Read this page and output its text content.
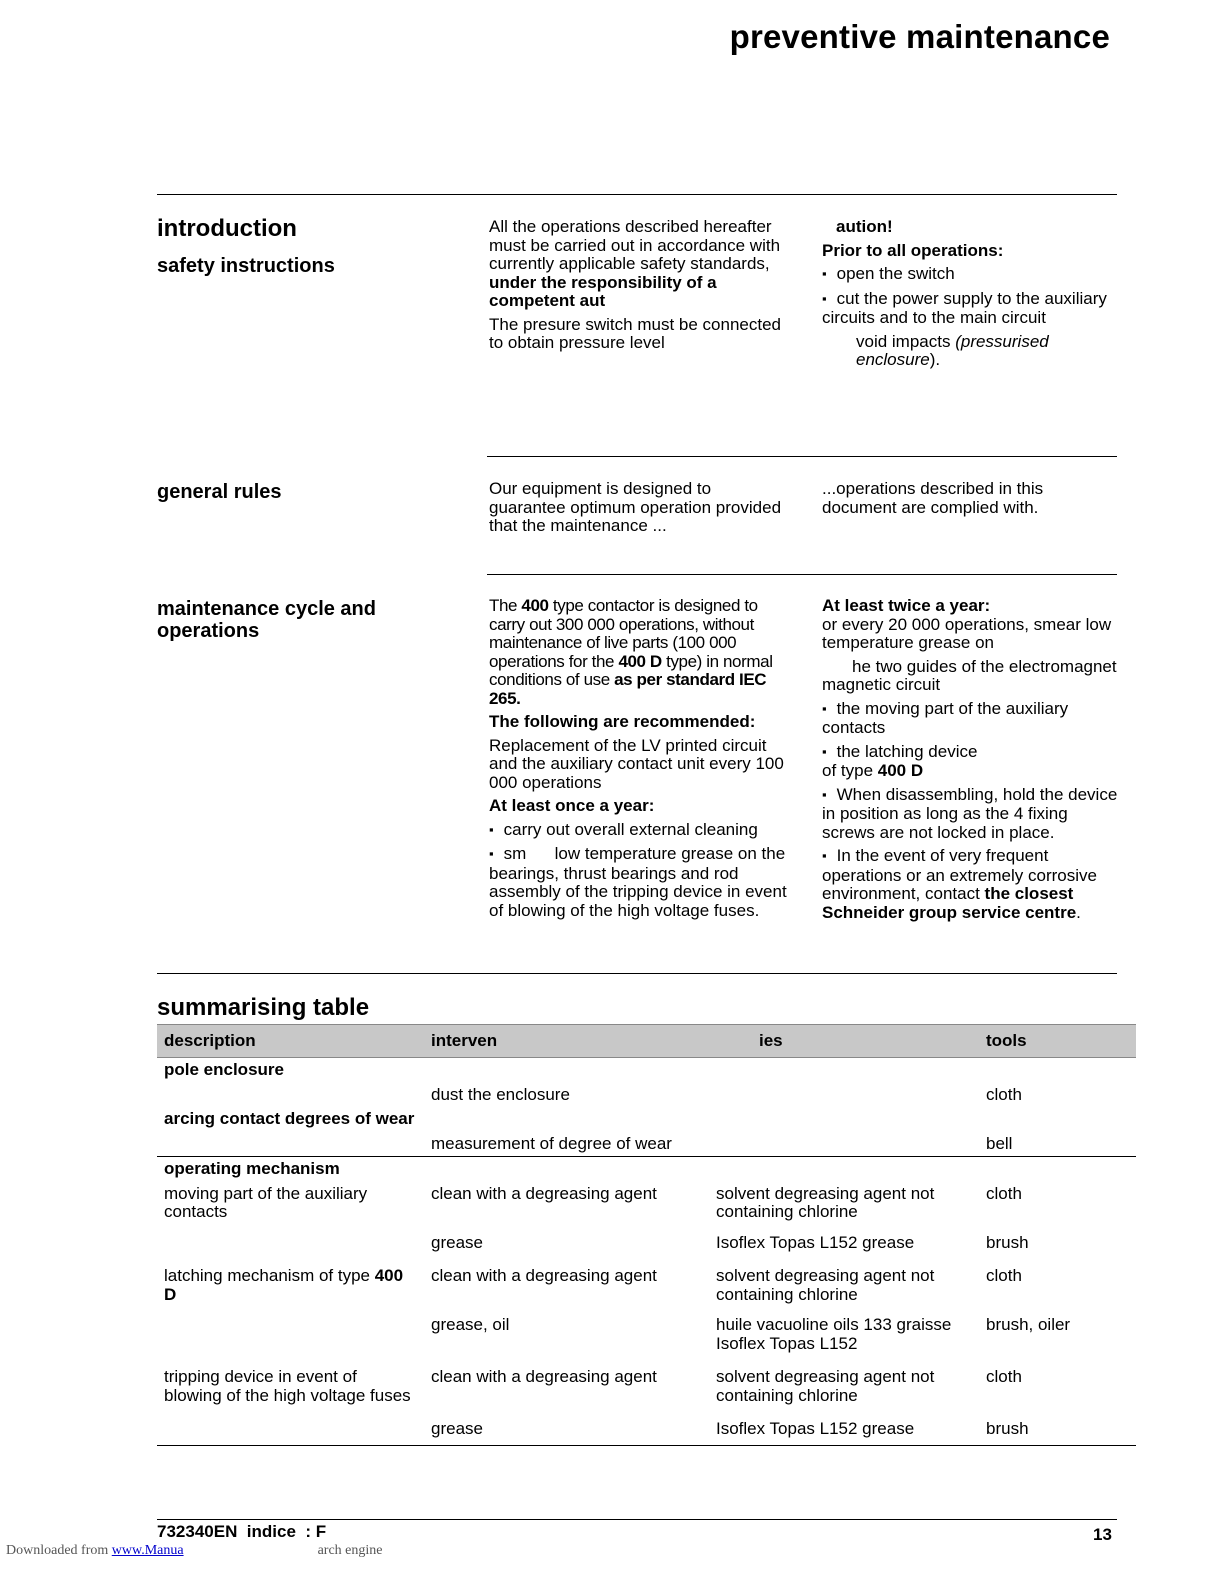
preventive maintenance
introduction
safety instructions

All the operations described hereafter must be carried out in accordance with currently applicable safety standards, under the responsibility of a competent aut

The presure switch must be connected to obtain pressure level

aution!

Prior to all operations:

▪ open the switch

▪ cut the power supply to the auxiliary circuits and to the main circuit

void impacts (pressurised enclosure).

general rules	Our equipment is designed to guarantee optimum operation provided that the maintenance ...
...operations described in this document are complied with.
maintenance cycle and operations

The 400 type contactor is designed to carry out 300 000 operations, without maintenance of live parts (100 000 operations for the 400 D type) in normal conditions of use as per standard IEC 265.

The following are recommended:

Replacement of the LV printed circuit and the auxiliary contact unit every 100 000 operations

At least once a year:

▪ carry out overall external cleaning

▪ sm      low temperature grease on the bearings, thrust bearings and rod assembly of the tripping device in event of blowing of the high voltage fuses.

At least twice a year:
or every 20 000 operations, smear low temperature grease on

he two guides of the electromagnet magnetic circuit

▪ the moving part of the auxiliary contacts

▪ the latching device
of type 400 D

▪ When disassembling, hold the device in position as long as the 4 fixing screws are not locked in place.

▪ In the event of very frequent operations or an extremely corrosive environment, contact the closest Schneider group service centre.

summarising table
description	interven	ies	tools
pole enclosure			
	dust the enclosure		cloth
arcing contact degrees of wear			
	measurement of degree of wear		bell
operating mechanism			
moving part of the auxiliary contacts	clean with a degreasing agent	solvent degreasing agent not containing chlorine	cloth
	grease	Isoflex Topas L152 grease	brush
latching mechanism of type 400 D	clean with a degreasing agent	solvent degreasing agent not containing chlorine	cloth
	grease, oil	huile vacuoline oils 133 graisse Isoflex Topas L152	brush, oiler
tripping device in event of blowing of the high voltage fuses	clean with a degreasing agent	solvent degreasing agent not containing chlorine	cloth
	grease	Isoflex Topas L152 grease	brush
732340EN  indice  : F	13
Downloaded from www.Manua	arch engine
